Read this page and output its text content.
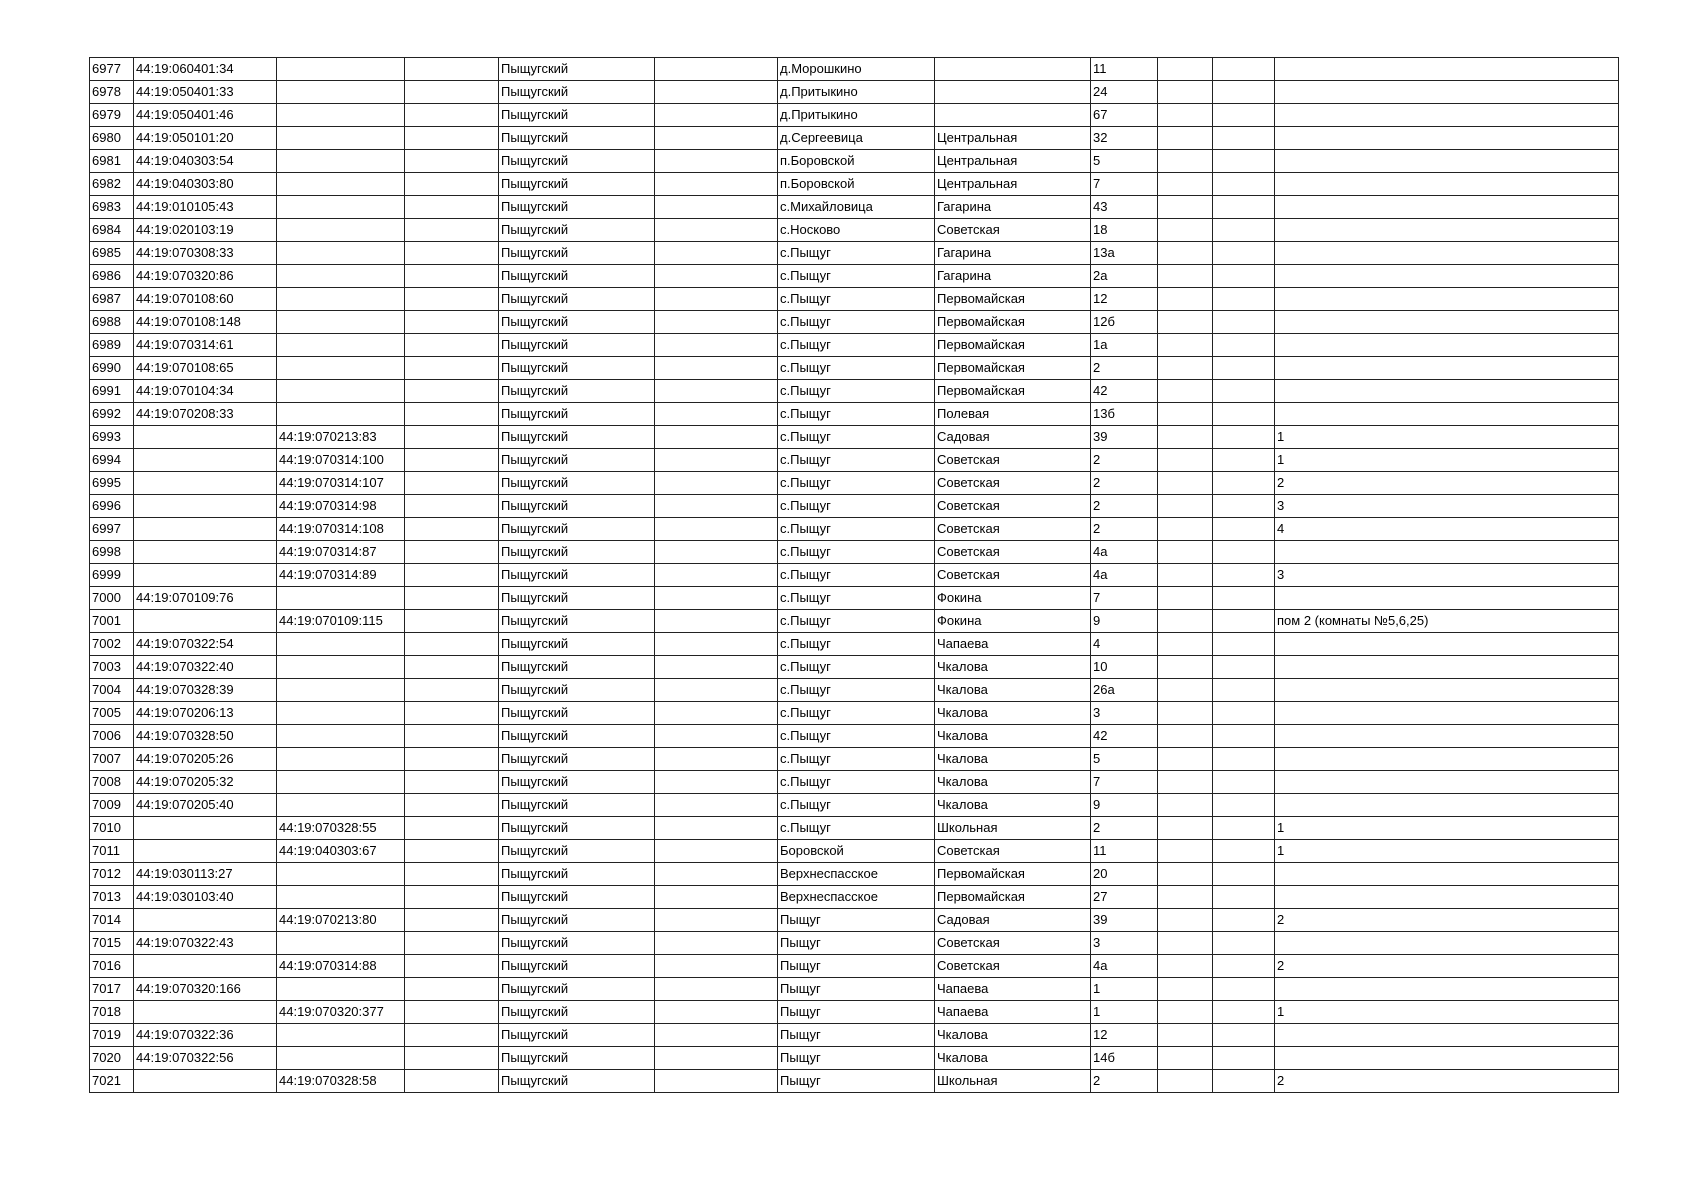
6977	44:19:060401:34			Пыщугский		д.Морошкино		11			
6978	44:19:050401:33			Пыщугский		д.Притыкино		24			
6979	44:19:050401:46			Пыщугский		д.Притыкино		67			
6980	44:19:050101:20			Пыщугский		д.Сергеевица	Центральная	32			
6981	44:19:040303:54			Пыщугский		п.Боровской	Центральная	5			
6982	44:19:040303:80			Пыщугский		п.Боровской	Центральная	7			
6983	44:19:010105:43			Пыщугский		с.Михайловица	Гагарина	43			
6984	44:19:020103:19			Пыщугский		с.Носково	Советская	18			
6985	44:19:070308:33			Пыщугский		с.Пыщуг	Гагарина	13а			
6986	44:19:070320:86			Пыщугский		с.Пыщуг	Гагарина	2а			
6987	44:19:070108:60			Пыщугский		с.Пыщуг	Первомайская	12			
6988	44:19:070108:148			Пыщугский		с.Пыщуг	Первомайская	12б			
6989	44:19:070314:61			Пыщугский		с.Пыщуг	Первомайская	1а			
6990	44:19:070108:65			Пыщугский		с.Пыщуг	Первомайская	2			
6991	44:19:070104:34			Пыщугский		с.Пыщуг	Первомайская	42			
6992	44:19:070208:33			Пыщугский		с.Пыщуг	Полевая	13б			
6993		44:19:070213:83		Пыщугский		с.Пыщуг	Садовая	39			1
6994		44:19:070314:100		Пыщугский		с.Пыщуг	Советская	2			1
6995		44:19:070314:107		Пыщугский		с.Пыщуг	Советская	2			2
6996		44:19:070314:98		Пыщугский		с.Пыщуг	Советская	2			3
6997		44:19:070314:108		Пыщугский		с.Пыщуг	Советская	2			4
6998		44:19:070314:87		Пыщугский		с.Пыщуг	Советская	4а			
6999		44:19:070314:89		Пыщугский		с.Пыщуг	Советская	4а			3
7000	44:19:070109:76			Пыщугский		с.Пыщуг	Фокина	7			
7001		44:19:070109:115		Пыщугский		с.Пыщуг	Фокина	9			пом 2 (комнаты №5,6,25)
7002	44:19:070322:54			Пыщугский		с.Пыщуг	Чапаева	4			
7003	44:19:070322:40			Пыщугский		с.Пыщуг	Чкалова	10			
7004	44:19:070328:39			Пыщугский		с.Пыщуг	Чкалова	26а			
7005	44:19:070206:13			Пыщугский		с.Пыщуг	Чкалова	3			
7006	44:19:070328:50			Пыщугский		с.Пыщуг	Чкалова	42			
7007	44:19:070205:26			Пыщугский		с.Пыщуг	Чкалова	5			
7008	44:19:070205:32			Пыщугский		с.Пыщуг	Чкалова	7			
7009	44:19:070205:40			Пыщугский		с.Пыщуг	Чкалова	9			
7010		44:19:070328:55		Пыщугский		с.Пыщуг	Школьная	2			1
7011		44:19:040303:67		Пыщугский		Боровской	Советская	11			1
7012	44:19:030113:27			Пыщугский		Верхнеспасское	Первомайская	20			
7013	44:19:030103:40			Пыщугский		Верхнеспасское	Первомайская	27			
7014		44:19:070213:80		Пыщугский		Пыщуг	Садовая	39			2
7015	44:19:070322:43			Пыщугский		Пыщуг	Советская	3			
7016		44:19:070314:88		Пыщугский		Пыщуг	Советская	4а			2
7017	44:19:070320:166			Пыщугский		Пыщуг	Чапаева	1			
7018		44:19:070320:377		Пыщугский		Пыщуг	Чапаева	1			1
7019	44:19:070322:36			Пыщугский		Пыщуг	Чкалова	12			
7020	44:19:070322:56			Пыщугский		Пыщуг	Чкалова	14б			
7021		44:19:070328:58		Пыщугский		Пыщуг	Школьная	2			2
